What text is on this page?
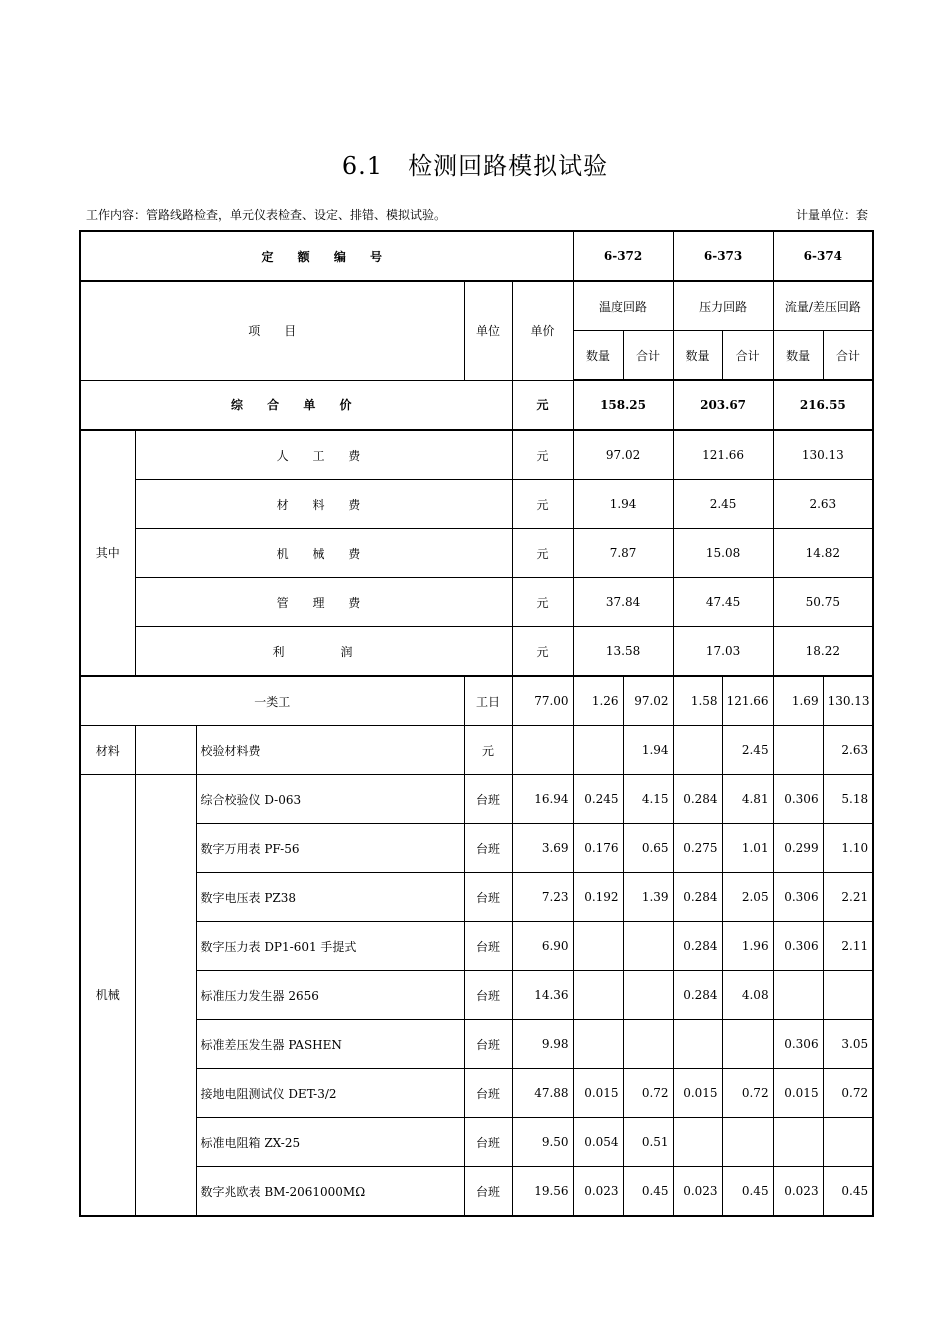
6.1　检测回路模拟试验
工作内容：管路线路检查，单元仪表检查、设定、排错、模拟试验。	计量单位：套
定 额 编 号					6-372		6-373		6-374	
项　　目			单位	单价	温度回路		压力回路		流量/差压回路	
					数量	合计	数量	合计	数量	合计
综 合 单 价				元	158.25		203.67		216.55	
其中	人 工 费			元	97.02		121.66		130.13	
	材 料 费			元	1.94		2.45		2.63	
	机 械 费			元	7.87		15.08		14.82	
	管 理 费			元	37.84		47.45		50.75	
	利　润			元	13.58		17.03		18.22	
一类工			工日	77.00	1.26	97.02	1.58	121.66	1.69	130.13
材料		校验材料费	元			1.94		2.45		2.63
机械		综合校验仪 D-063	台班	16.94	0.245	4.15	0.284	4.81	0.306	5.18
		数字万用表 PF-56	台班	3.69	0.176	0.65	0.275	1.01	0.299	1.10
		数字电压表 PZ38	台班	7.23	0.192	1.39	0.284	2.05	0.306	2.21
		数字压力表 DP1-601 手提式	台班	6.90			0.284	1.96	0.306	2.11
		标准压力发生器 2656	台班	14.36			0.284	4.08		
		标准差压发生器 PASHEN	台班	9.98					0.306	3.05
		接地电阻测试仪 DET-3/2	台班	47.88	0.015	0.72	0.015	0.72	0.015	0.72
		标准电阻箱 ZX-25	台班	9.50	0.054	0.51				
		数字兆欧表 BM-2061000MΩ	台班	19.56	0.023	0.45	0.023	0.45	0.023	0.45
